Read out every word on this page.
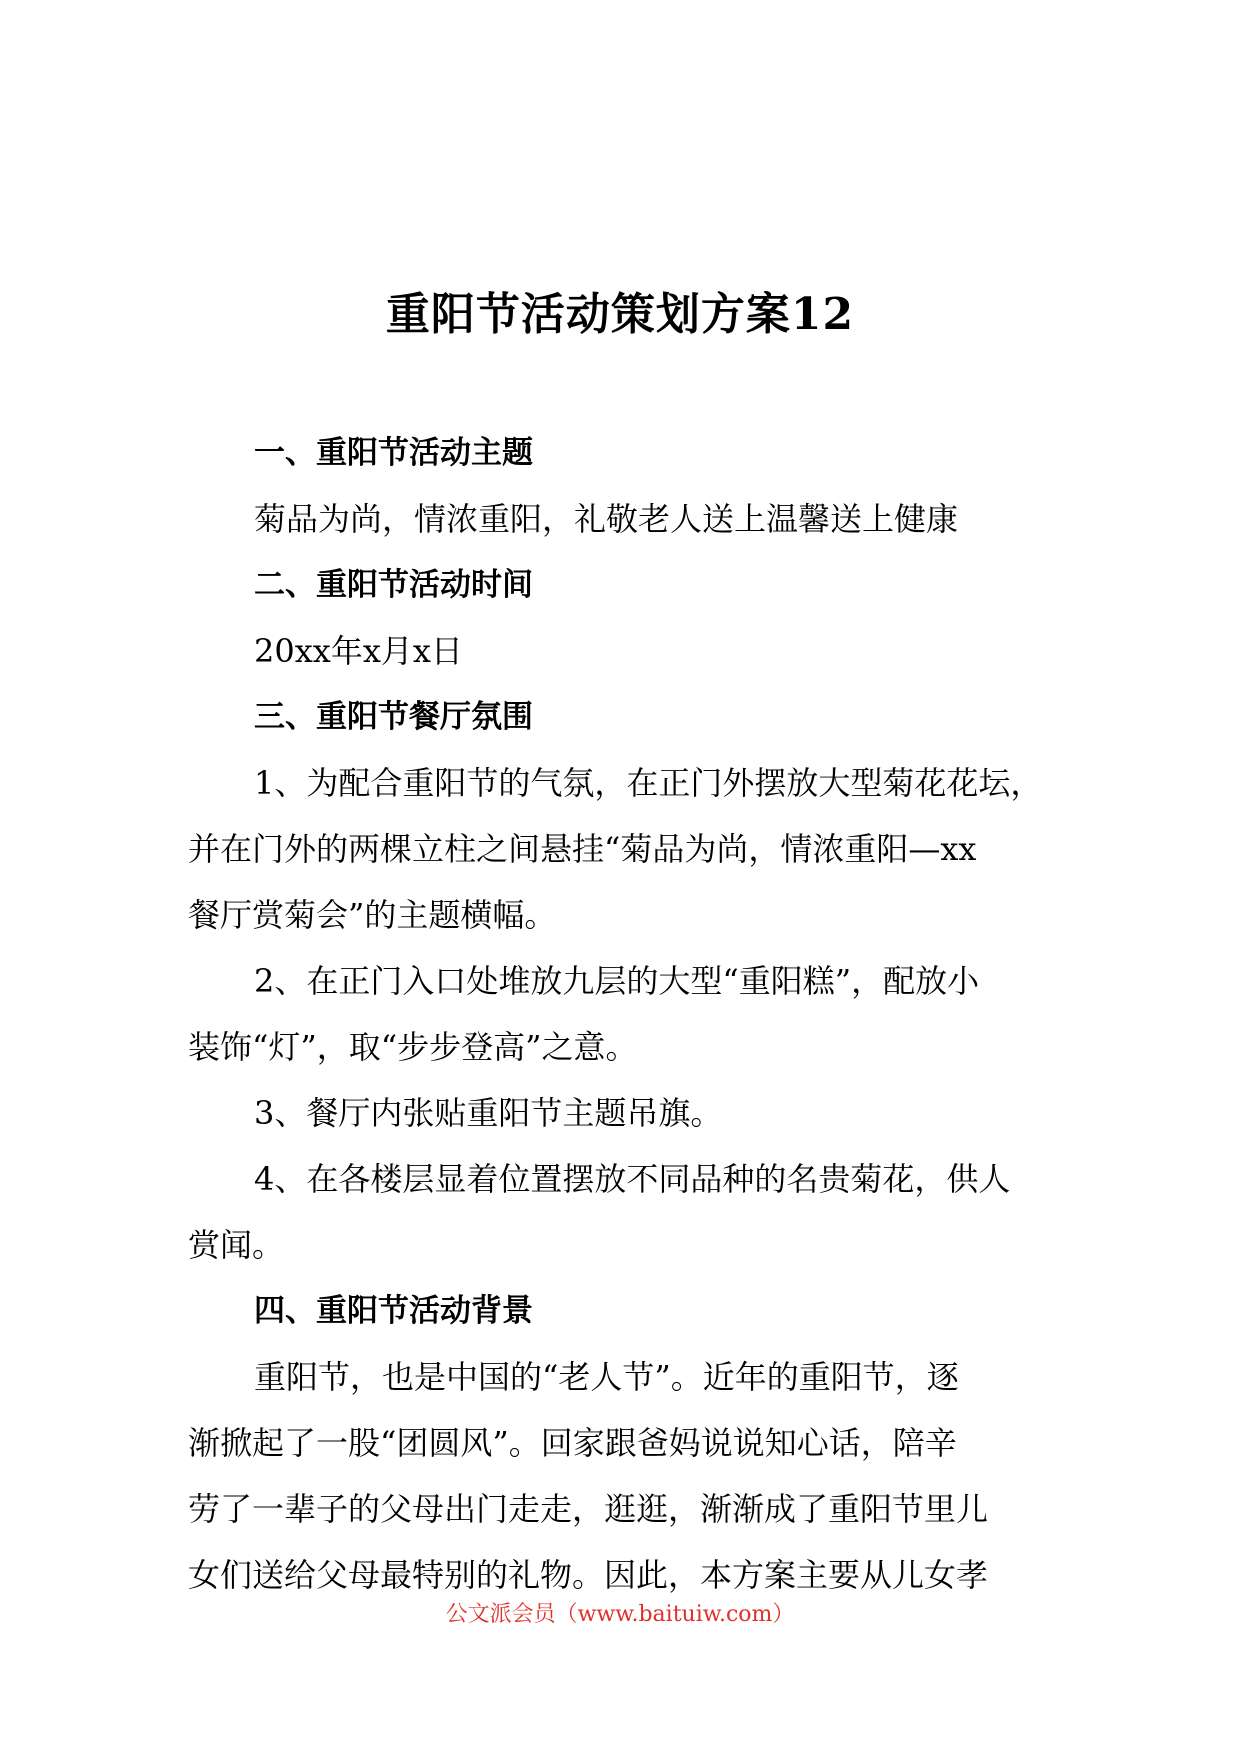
重阳节活动策划方案12
一、重阳节活动主题
菊品为尚，情浓重阳，礼敬老人送上温馨送上健康
二、重阳节活动时间
20xx年x月x日
三、重阳节餐厅氛围
1、为配合重阳节的气氛，在正门外摆放大型菊花花坛，
并在门外的两棵立柱之间悬挂“菊品为尚，情浓重阳—xx
餐厅赏菊会”的主题横幅。
2、在正门入口处堆放九层的大型“重阳糕”，配放小
装饰“灯”，取“步步登高”之意。
3、餐厅内张贴重阳节主题吊旗。
4、在各楼层显着位置摆放不同品种的名贵菊花，供人
赏闻。
四、重阳节活动背景
重阳节，也是中国的“老人节”。近年的重阳节，逐
渐掀起了一股“团圆风”。回家跟爸妈说说知心话，陪辛
劳了一辈子的父母出门走走，逛逛，渐渐成了重阳节里儿
女们送给父母最特别的礼物。因此，本方案主要从儿女孝
公文派会员（www.baituiw.com）
